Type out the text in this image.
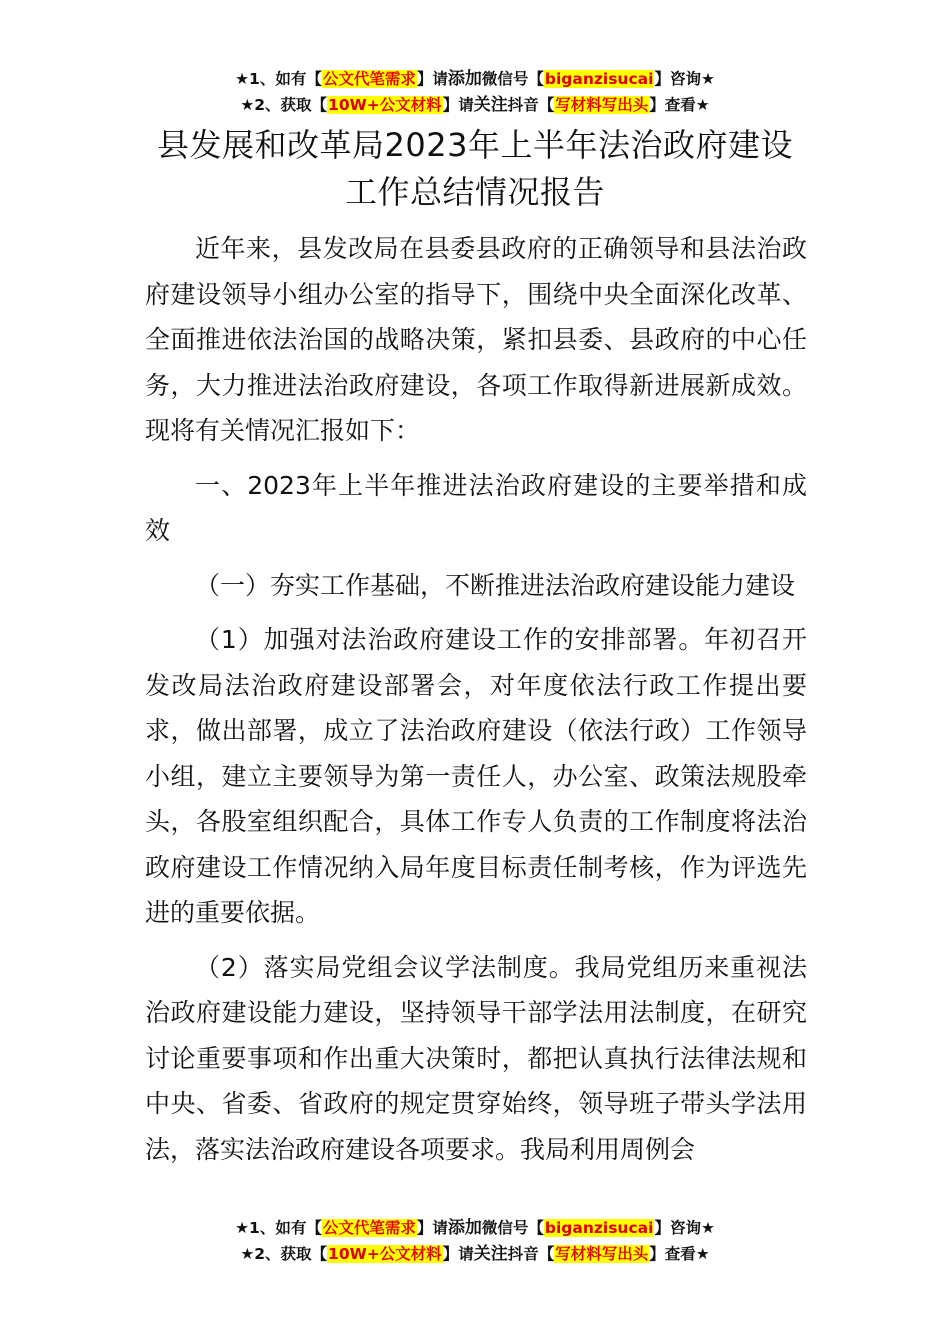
★1、如有【公文代笔需求】请添加微信号【biganzisucai】咨询★
★2、获取【10W+公文材料】请关注抖音【写材料写出头】查看★
县发展和改革局2023年上半年法治政府建设
工作总结情况报告

近年来，县发改局在县委县政府的正确领导和县法治政府建设领导小组办公室的指导下，围绕中央全面深化改革、全面推进依法治国的战略决策，紧扣县委、县政府的中心任务，大力推进法治政府建设，各项工作取得新进展新成效。现将有关情况汇报如下：

一、2023年上半年推进法治政府建设的主要举措和成效

（一）夯实工作基础，不断推进法治政府建设能力建设

（1）加强对法治政府建设工作的安排部署。年初召开发改局法治政府建设部署会，对年度依法行政工作提出要求，做出部署，成立了法治政府建设（依法行政）工作领导小组，建立主要领导为第一责任人，办公室、政策法规股牵头，各股室组织配合，具体工作专人负责的工作制度将法治政府建设工作情况纳入局年度目标责任制考核，作为评选先进的重要依据。

（2）落实局党组会议学法制度。我局党组历来重视法治政府建设能力建设，坚持领导干部学法用法制度，在研究讨论重要事项和作出重大决策时，都把认真执行法律法规和中央、省委、省政府的规定贯穿始终，领导班子带头学法用法，落实法治政府建设各项要求。我局利用周例会

★1、如有【公文代笔需求】请添加微信号【biganzisucai】咨询★
★2、获取【10W+公文材料】请关注抖音【写材料写出头】查看★
